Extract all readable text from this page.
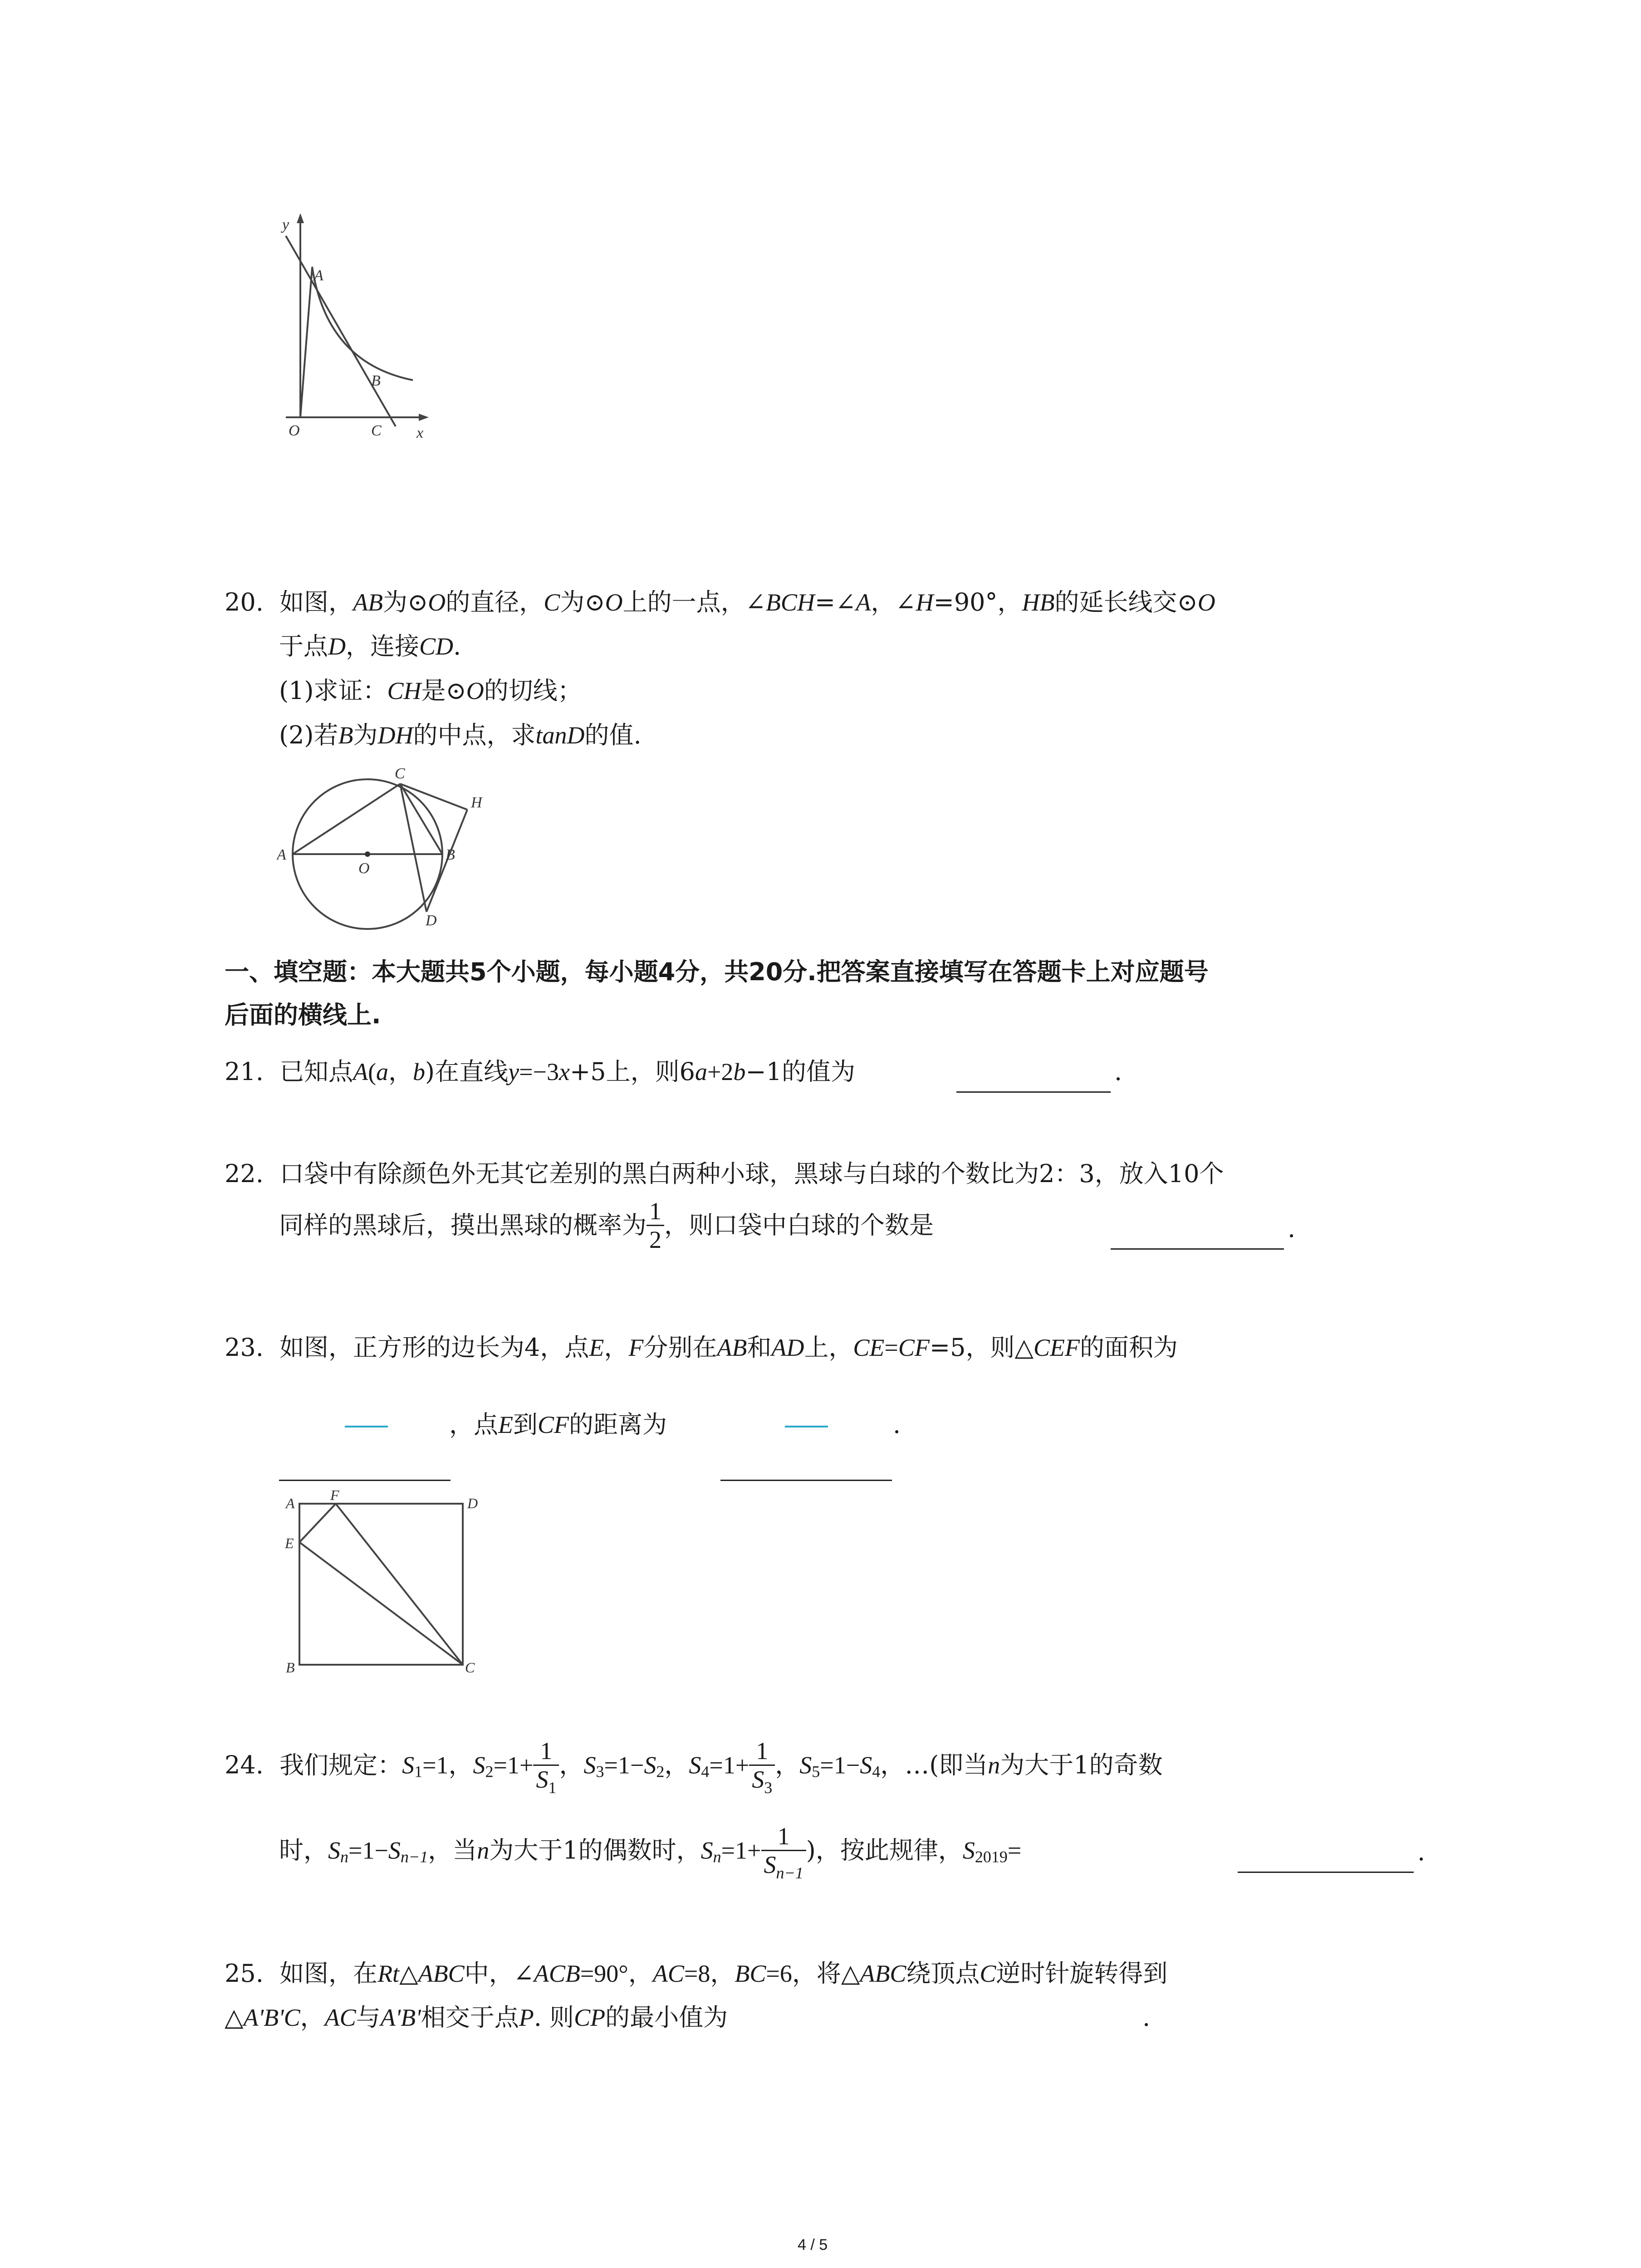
y
A
B
O	C x
20. 如图，AB为⊙O的直径，C为⊙O上的一点，∠BCH=∠A，∠H=90°，HB的延长线交⊙O
于点D，连接CD.
(1)求证：CH是⊙O的切线；
(2)若B为DH的中点，求tanD的值.
A	B
C
D
H
O
一、填空题：本大题共5个小题，每小题4分，共20分.把答案直接填写在答题卡上对应题号
后面的横线上.
21. 已知点A(a，b)在直线y=−3x+5上，则6a+2b−1的值为	.
22. 口袋中有除颜色外无其它差别的黑白两种小球，黑球与白球的个数比为2：3，放入10个
同样的黑球后，摸出黑球的概率为 $\frac{1}{2}$ ，则口袋中白球的个数是	.
23. 如图，正方形的边长为4，点E，F分别在AB和AD上，CE=CF=5，则△CEF的面积为
，点E到CF的距离为	.
A F	D
E
B	C
24. 我们规定：$S_1=1$，$S_2=1+ \frac{1}{S_1}$ ，$S_3=1-S_2$，$S_4=1+ \frac{1}{S_3}$ ，$S_5=1-S_4$，…(即当n为大于1的奇数
时，$S_n=1-S_{n-1}$，当n为大于1的偶数时，$S_n=1+ \frac{1}{S_{n-1}}$ )，按此规律，$S_{2019}=$	.
25. 如图，在Rt△ABC中，∠ACB=90°，AC=8，BC=6，将△ABC绕顶点C逆时针旋转得到
△A'B'C，AC与A'B'相交于点P. 则CP的最小值为	.
4 / 5
